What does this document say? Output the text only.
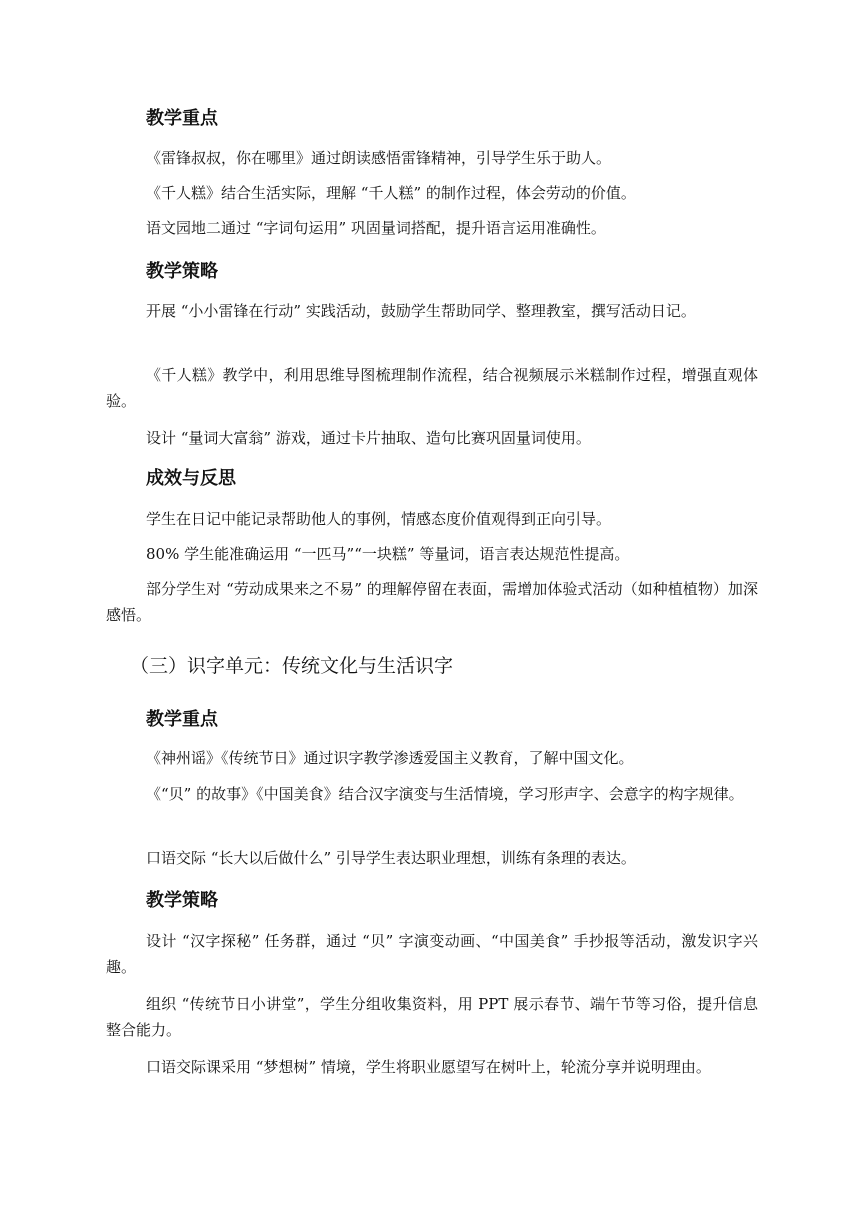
教学重点

《雷锋叔叔，你在哪里》通过朗读感悟雷锋精神，引导学生乐于助人。

《千人糕》结合生活实际，理解 “千人糕” 的制作过程，体会劳动的价值。

语文园地二通过 “字词句运用” 巩固量词搭配，提升语言运用准确性。

教学策略

开展 “小小雷锋在行动” 实践活动，鼓励学生帮助同学、整理教室，撰写活动日记。

《千人糕》教学中，利用思维导图梳理制作流程，结合视频展示米糕制作过程，增强直观体验。

设计 “量词大富翁” 游戏，通过卡片抽取、造句比赛巩固量词使用。

成效与反思

学生在日记中能记录帮助他人的事例，情感态度价值观得到正向引导。

80% 学生能准确运用 “一匹马”“一块糕” 等量词，语言表达规范性提高。

部分学生对 “劳动成果来之不易” 的理解停留在表面，需增加体验式活动（如种植植物）加深感悟。

（三）识字单元：传统文化与生活识字
教学重点

《神州谣》《传统节日》通过识字教学渗透爱国主义教育，了解中国文化。

《“贝” 的故事》《中国美食》结合汉字演变与生活情境，学习形声字、会意字的构字规律。

口语交际 “长大以后做什么” 引导学生表达职业理想，训练有条理的表达。

教学策略

设计 “汉字探秘” 任务群，通过 “贝” 字演变动画、“中国美食” 手抄报等活动，激发识字兴趣。

组织 “传统节日小讲堂”，学生分组收集资料，用 PPT 展示春节、端午节等习俗，提升信息整合能力。

口语交际课采用 “梦想树” 情境，学生将职业愿望写在树叶上，轮流分享并说明理由。
